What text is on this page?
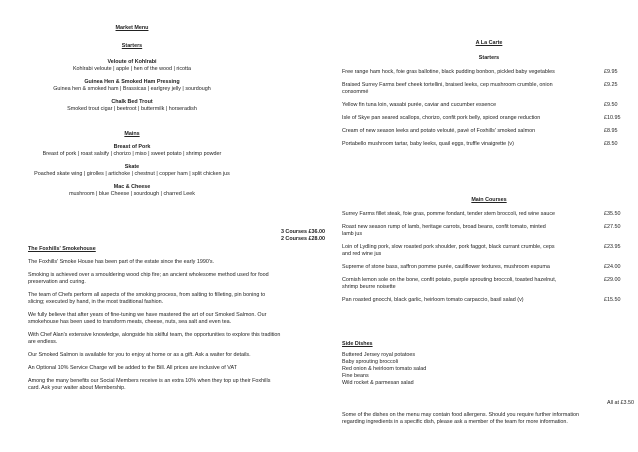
Market Menu
Starters
Veloute of Kohlrabi
Kohlrabi veloute | apple | hen of the wood | ricotta
Guinea Hen & Smoked Ham Pressing
Guinea hen & smoked ham | Brassicas | earlgrey jelly | sourdough
Chalk Bed Trout
Smoked trout cigar | beetroot | buttermilk | horseradish
Mains
Breast of Pork
Breast of pork | roast salsify | chorizo | miso | sweet potato | shrimp powder
Skate
Poached skate wing | girolles | artichoke | chestnut | copper ham | split chicken jus
Mac & Cheese
mushroom | blue Cheese | sourdough | charred Leek
3 Courses £36.00
2 Courses £28.00
The Foxhills' Smokehouse

The Foxhills' Smoke House has been part of the estate since the early 1990's.

Smoking is achieved over a smouldering wood chip fire; an ancient wholesome method used for food preservation and curing.

The team of Chefs perform all aspects of the smoking process, from salting to filleting, pin boning to slicing; executed by hand, in the most traditional fashion.

We fully believe that after years of fine-tuning we have mastered the art of our Smoked Salmon. Our smokehouse has been used to transform meats, cheese, nuts, sea salt and even tea.

With Chef Alan's extensive knowledge, alongside his skilful team, the opportunities to explore this tradition are endless.

Our Smoked Salmon is available for you to enjoy at home or as a gift. Ask a waiter for details.

An Optional 10% Service Charge will be added to the Bill. All prices are inclusive of VAT

Among the many benefits our Social Members receive is an extra 10% when they top up their Foxhills card. Ask your waiter about Membership.

A La Carte
Starters
Free range ham hock, foie gras ballotine, black pudding bonbon, pickled baby vegetables	£9.95
Braised Surrey Farms beef cheek tortellini, braised leeks, cep mushroom crumble, onion consommé
£9.25
Yellow fin tuna loin, wasabi purée, caviar and cucumber essence	£9.50
Isle of Skye pan seared scallops, chorizo, confit pork belly, spiced orange reduction	£10.95
Cream of new season leeks and potato velouté, pavé of Foxhills' smoked salmon	£8.95
Portabello mushroom tartar, baby leeks, quail eggs, truffle vinaigrette (v)	£8.50
Main Courses
Surrey Farms fillet steak, foie gras, pomme fondant, tender stem broccoli, red wine sauce	£35.50
Roast new season rump of lamb, heritage carrots, broad beans, confit tomato, minted lamb jus
£27.50
Loin of Lydling pork, slow roasted pork shoulder, pork faggot, black currant crumble, ceps and red wine jus
£23.95
Supreme of stone bass, saffron pomme purée, cauliflower textures, mushroom espuma	£24.00
Cornish lemon sole on the bone, confit potato, purple sprouting broccoli, toasted hazelnut, shrimp beurre noisette
£29.00
Pan roasted gnocchi, black garlic, heirloom tomato carpaccio, basil salad (v)	£15.50
Side Dishes
Buttered Jersey royal potatoes
Baby sprouting broccoli
Red onion & heirloom tomato salad
Fine beans
Wild rocket & parmesan salad
All at £3.50
Some of the dishes on the menu may contain food allergens. Should you require further information regarding ingredients in a specific dish, please ask a member of the team for more information.
